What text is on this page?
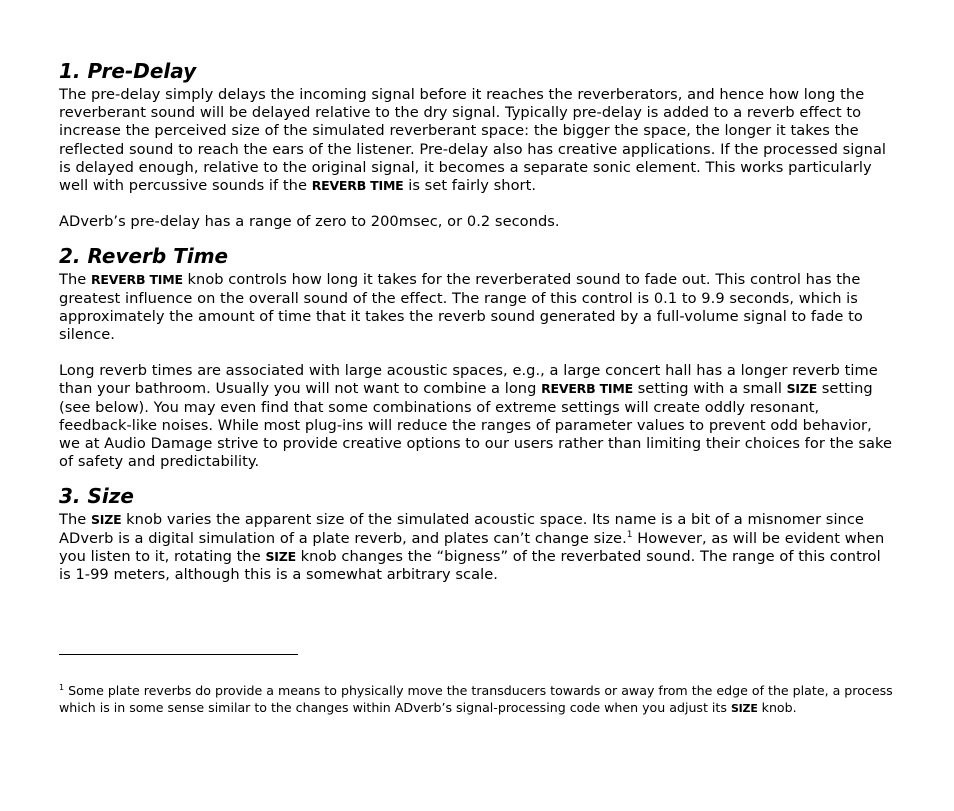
1. Pre-Delay

The pre-delay simply delays the incoming signal before it reaches the reverberators, and hence how long the reverberant sound will be delayed relative to the dry signal. Typically pre-delay is added to a reverb effect to increase the perceived size of the simulated reverberant space: the bigger the space, the longer it takes the reflected sound to reach the ears of the listener. Pre-delay also has creative applications. If the processed signal is delayed enough, relative to the original signal, it becomes a separate sonic element. This works particularly well with percussive sounds if the REVERB TIME is set fairly short.

ADverb’s pre-delay has a range of zero to 200msec, or 0.2 seconds.

2. Reverb Time

The REVERB TIME knob controls how long it takes for the reverberated sound to fade out. This control has the greatest influence on the overall sound of the effect. The range of this control is 0.1 to 9.9 seconds, which is approximately the amount of time that it takes the reverb sound generated by a full-volume signal to fade to silence.

Long reverb times are associated with large acoustic spaces, e.g., a large concert hall has a longer reverb time than your bathroom. Usually you will not want to combine a long REVERB TIME setting with a small SIZE setting (see below). You may even find that some combinations of extreme settings will create oddly resonant, feedback-like noises. While most plug-ins will reduce the ranges of parameter values to prevent odd behavior, we at Audio Damage strive to provide creative options to our users rather than limiting their choices for the sake of safety and predictability.

3. Size

The SIZE knob varies the apparent size of the simulated acoustic space. Its name is a bit of a misnomer since ADverb is a digital simulation of a plate reverb, and plates can’t change size.$^1$ However, as will be evident when you listen to it, rotating the SIZE knob changes the “bigness” of the reverbated sound. The range of this control is 1-99 meters, although this is a somewhat arbitrary scale.

$^1$ Some plate reverbs do provide a means to physically move the transducers towards or away from the edge of the plate, a process which is in some sense similar to the changes within ADverb’s signal-processing code when you adjust its SIZE knob.
